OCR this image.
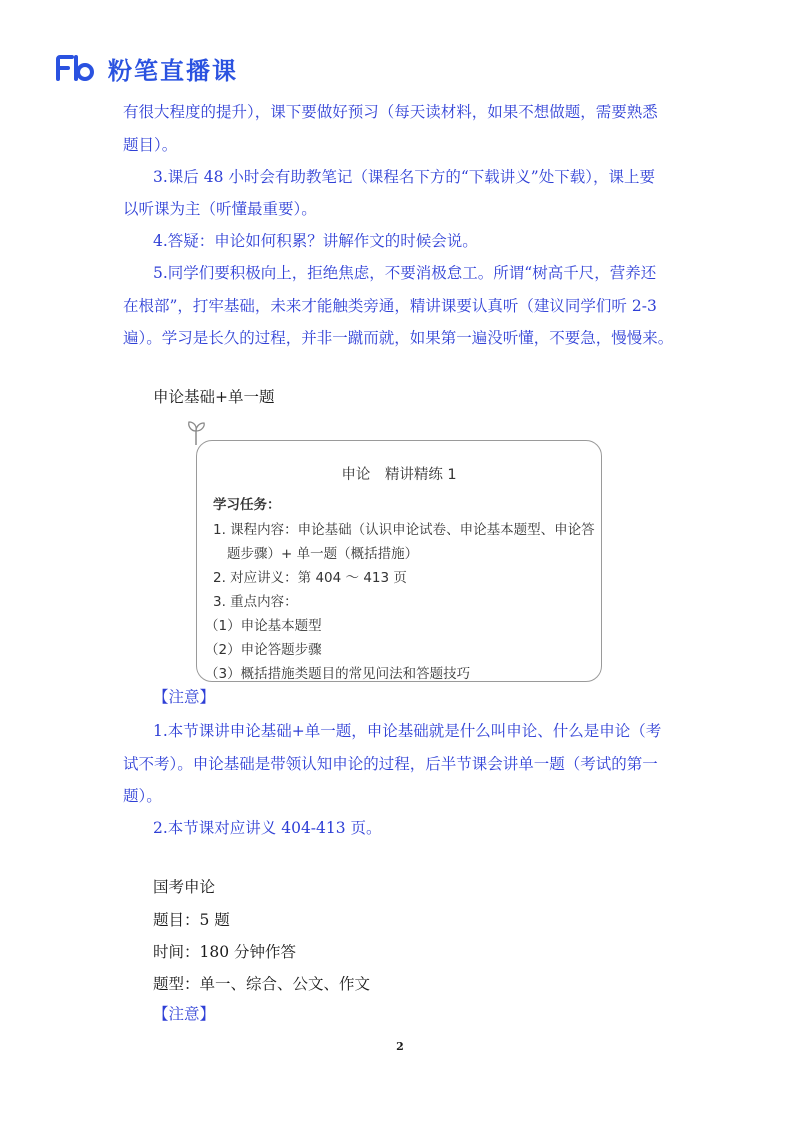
粉笔直播课
有很大程度的提升），课下要做好预习（每天读材料，如果不想做题，需要熟悉
题目）。
3.课后 48 小时会有助教笔记（课程名下方的“下载讲义”处下载），课上要
以听课为主（听懂最重要）。
4.答疑：申论如何积累？讲解作文的时候会说。
5.同学们要积极向上，拒绝焦虑，不要消极怠工。所谓“树高千尺，营养还
在根部”，打牢基础，未来才能触类旁通，精讲课要认真听（建议同学们听 2-3
遍）。学习是长久的过程，并非一蹴而就，如果第一遍没听懂，不要急，慢慢来。
申论基础+单一题
申论　精讲精练 1
学习任务：
1. 课程内容：申论基础（认识申论试卷、申论基本题型、申论答
题步骤）+ 单一题（概括措施）
2. 对应讲义：第 404 ～ 413 页
3. 重点内容：
（1）申论基本题型
（2）申论答题步骤
（3）概括措施类题目的常见问法和答题技巧
【注意】
1.本节课讲申论基础+单一题，申论基础就是什么叫申论、什么是申论（考
试不考）。申论基础是带领认知申论的过程，后半节课会讲单一题（考试的第一
题）。
2.本节课对应讲义 404-413 页。
国考申论
题目：5 题
时间：180 分钟作答
题型：单一、综合、公文、作文
【注意】
2
